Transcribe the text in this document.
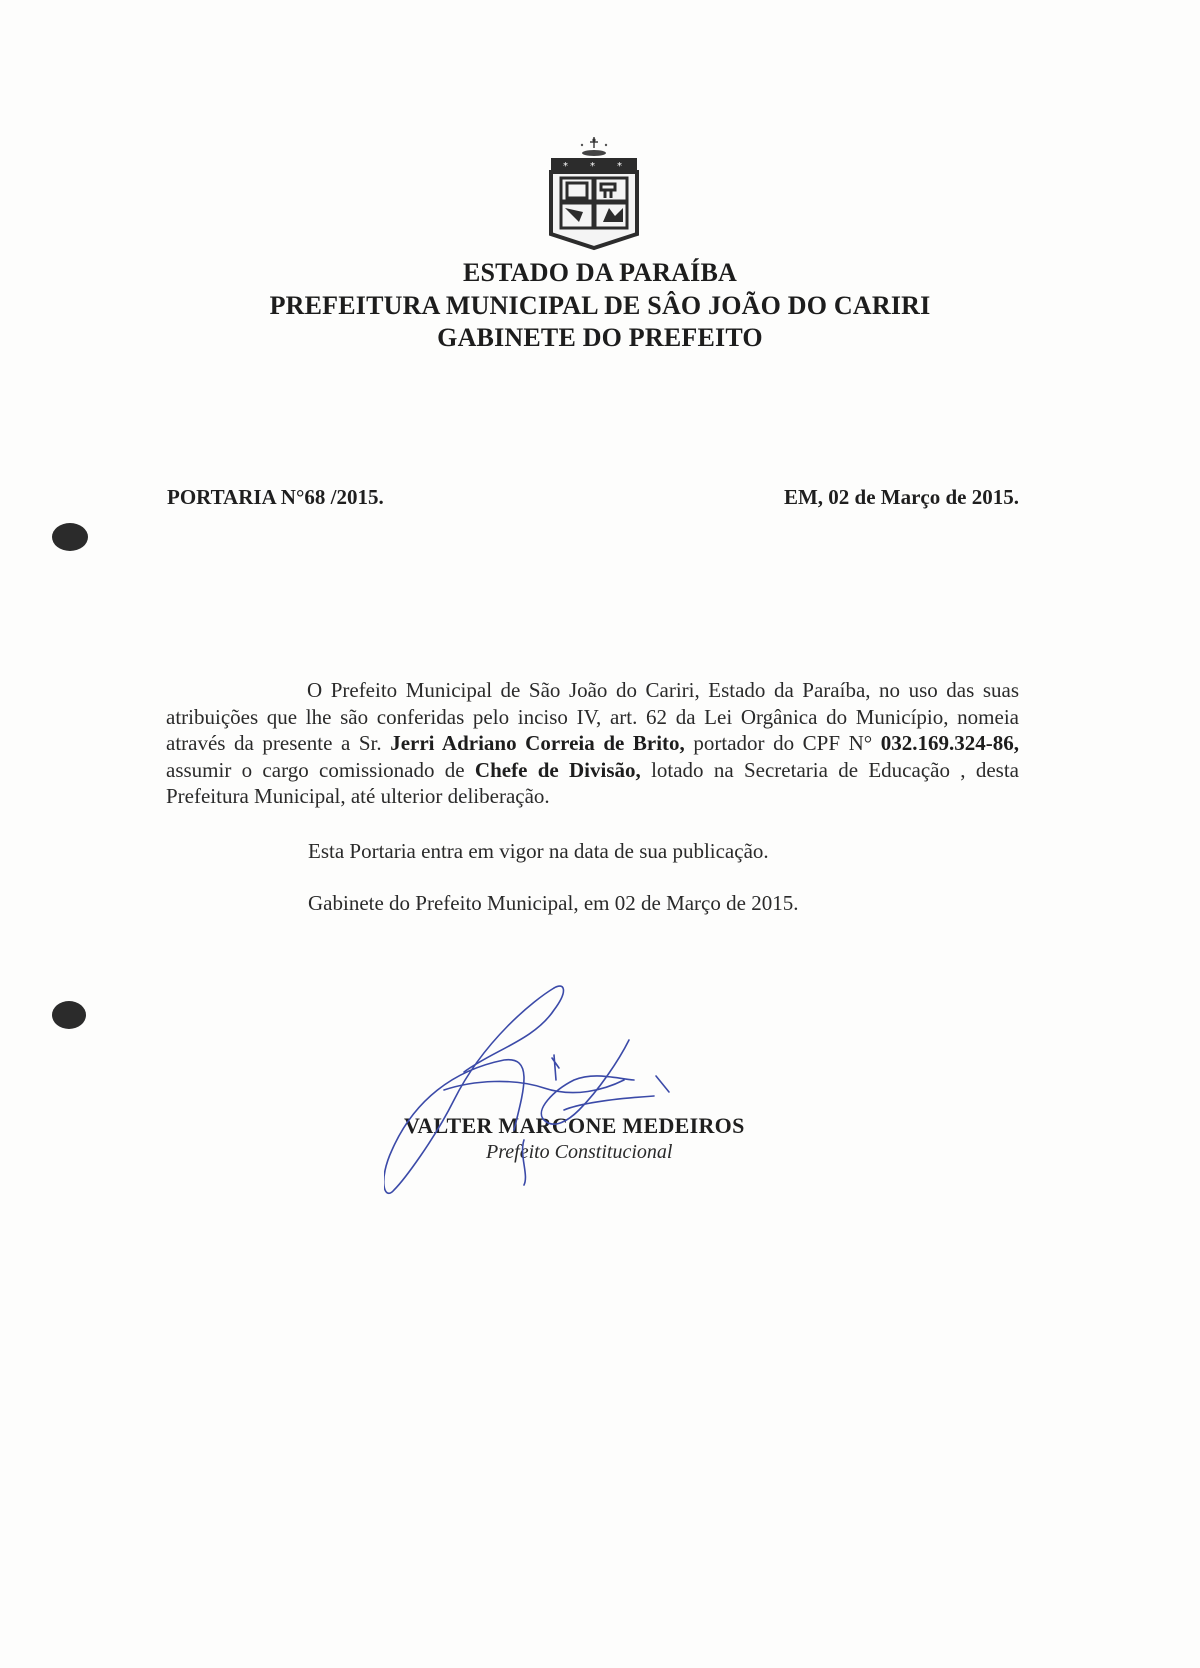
* * *
ESTADO DA PARAÍBA
PREFEITURA MUNICIPAL DE SÂO JOÃO DO CARIRI
GABINETE DO PREFEITO
PORTARIA N°68 /2015.	EM, 02 de Março de 2015.
O Prefeito Municipal de São João do Cariri, Estado da Paraíba, no uso das suas atribuições que lhe são conferidas pelo inciso IV, art. 62 da Lei Orgânica do Município, nomeia através da presente a Sr. Jerri Adriano Correia de Brito, portador do CPF N° 032.169.324-86,  assumir o cargo comissionado de Chefe de Divisão, lotado na Secretaria de Educação , desta Prefeitura Municipal, até ulterior deliberação.
Esta Portaria entra em vigor na data de sua publicação.
Gabinete do Prefeito Municipal, em 02 de Março de 2015.
VALTER MARCONE MEDEIROS
Prefeito Constitucional
